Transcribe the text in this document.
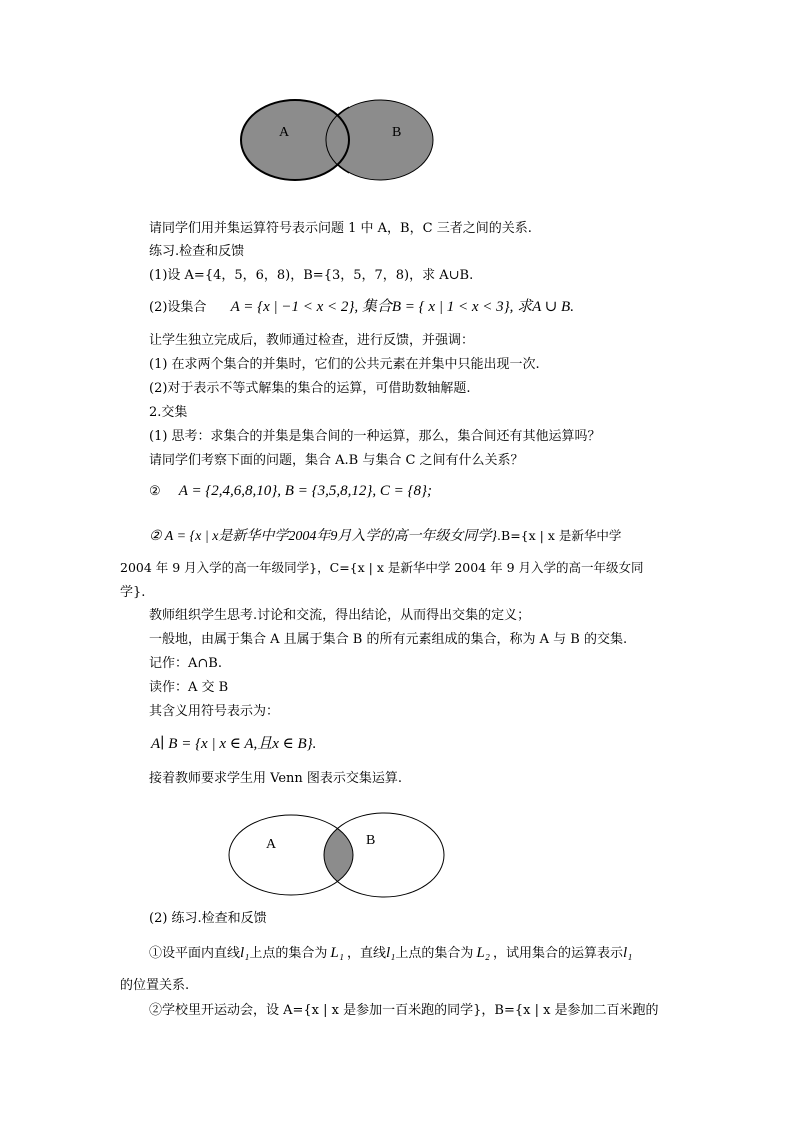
A	B
请同学们用并集运算符号表示问题 1 中 A，B，C 三者之间的关系.
练习.检查和反馈
(1)设 A={4，5，6，8)，B={3，5，7，8)，求 A∪B.
(2)设集合 A = {x | −1 < x < 2}, 集合B = { x | 1 < x < 3}, 求A ∪ B.
让学生独立完成后，教师通过检查，进行反馈，并强调：
(1) 在求两个集合的并集时，它们的公共元素在并集中只能出现一次.
(2)对于表示不等式解集的集合的运算，可借助数轴解题.
2.交集
(1) 思考：求集合的并集是集合间的一种运算，那么，集合间还有其他运算吗？
请同学们考察下面的问题，集合 A.B 与集合 C 之间有什么关系？
② A = {2,4,6,8,10}, B = {3,5,8,12}, C = {8};
② A = {x | x是新华中学2004年9月入学的高一年级女同学}.B={x | x 是新华中学
2004 年 9 月入学的高一年级同学}，C={x | x 是新华中学 2004 年 9 月入学的高一年级女同
学}.
教师组织学生思考.讨论和交流，得出结论，从而得出交集的定义；
一般地，由属于集合 A 且属于集合 B 的所有元素组成的集合，称为 A 与 B 的交集.
记作：A∩B.
读作：A 交 B
其含义用符号表示为：
A∣ B = {x | x ∈ A,且x ∈ B}.
接着教师要求学生用 Venn 图表示交集运算.
A	B
(2) 练习.检查和反馈
①设平面内直线l₁上点的集合为 L₁ ，直线l₁上点的集合为 L₂ ，试用集合的运算表示l₁
的位置关系.
②学校里开运动会，设 A={x | x 是参加一百米跑的同学}，B={x | x 是参加二百米跑的
